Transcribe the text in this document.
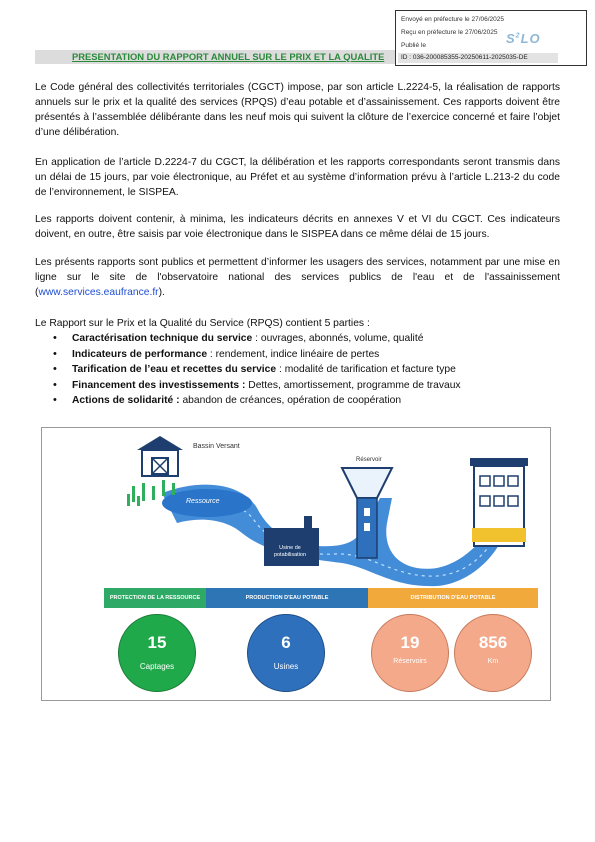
Envoyé en préfecture le 27/06/2025
Reçu en préfecture le 27/06/2025
Publié le	$S^2LO$
ID : 036-200085355-20250611-2025035-DE
PRESENTATION DU RAPPORT ANNUEL SUR LE PRIX ET LA QUALITE
Le Code général des collectivités territoriales (CGCT) impose, par son article L.2224-5, la réalisation de rapports annuels sur le prix et la qualité des services (RPQS) d’eau potable et d’assainissement. Ces rapports doivent être présentés à l’assemblée délibérante dans les neuf mois qui suivent la clôture de l’exercice concerné et faire l’objet d’une délibération.
En application de l’article D.2224-7 du CGCT, la délibération et les rapports correspondants seront transmis dans un délai de 15 jours, par voie électronique, au Préfet et au système d’information prévu à l’article L.213-2 du code de l’environnement, le SISPEA.
Les rapports doivent contenir, à minima, les indicateurs décrits en annexes V et VI du CGCT. Ces indicateurs doivent, en outre, être saisis par voie électronique dans le SISPEA dans ce même délai de 15 jours.
Les présents rapports sont publics et permettent d’informer les usagers des services, notamment par une mise en ligne sur le site de l'observatoire national des services publics de l'eau et de l'assainissement (www.services.eaufrance.fr).
Le Rapport sur le Prix et la Qualité du Service (RPQS) contient 5 parties :
• Caractérisation technique du service : ouvrages, abonnés, volume, qualité
• Indicateurs de performance : rendement, indice linéaire de pertes
• Tarification de l’eau et recettes du service : modalité de tarification et facture type
• Financement des investissements : Dettes, amortissement, programme de travaux
• Actions de solidarité : abandon de créances, opération de coopération
Bassin Versant
Ressource
Réservoir
Usine de potabilisation
PROTECTION DE LA RESSOURCE	PRODUCTION D'EAU POTABLE	DISTRIBUTION D'EAU POTABLE
15
Captages
6
Usines
19
Réservoirs
856
Km
